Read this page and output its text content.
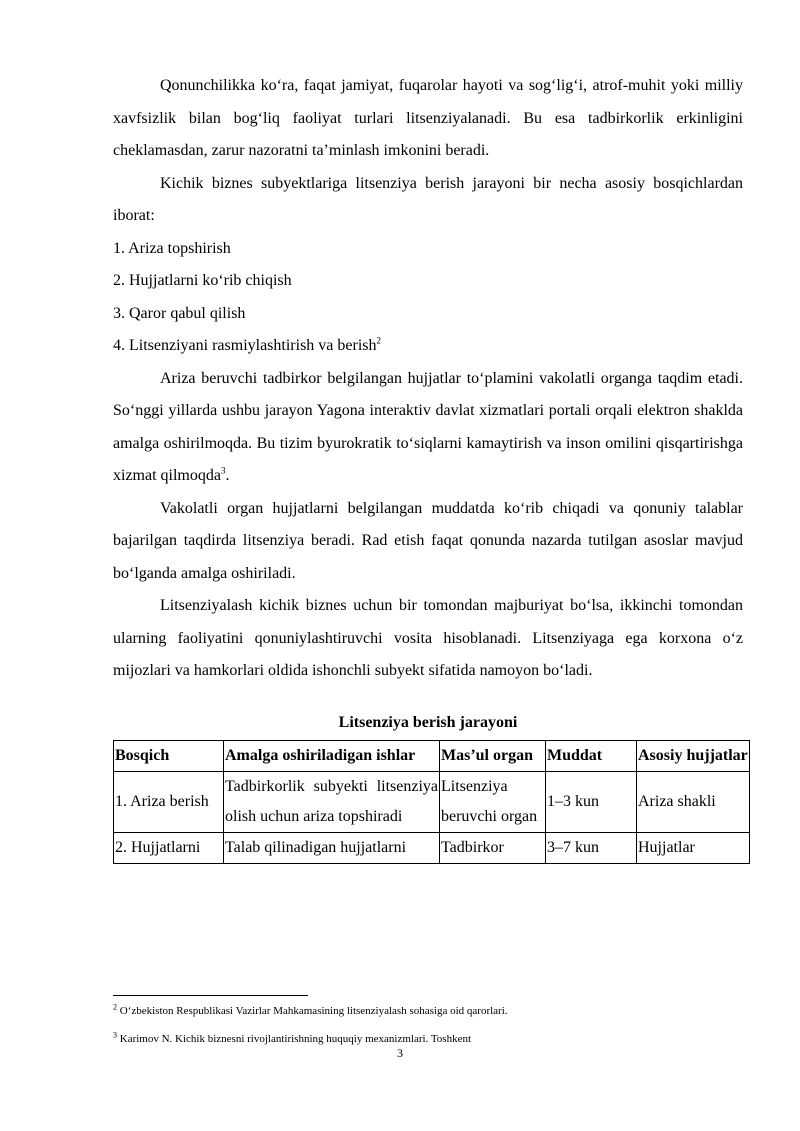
Qonunchilikka ko‘ra, faqat jamiyat, fuqarolar hayoti va sog‘lig‘i, atrof-muhit yoki milliy xavfsizlik bilan bog‘liq faoliyat turlari litsenziyalanadi. Bu esa tadbirkorlik erkinligini cheklamasdan, zarur nazoratni ta’minlash imkonini beradi.

Kichik biznes subyektlariga litsenziya berish jarayoni bir necha asosiy bosqichlardan iborat:

1. Ariza topshirish

2. Hujjatlarni ko‘rib chiqish

3. Qaror qabul qilish

4. Litsenziyani rasmiylashtirish va berish$^2$

Ariza beruvchi tadbirkor belgilangan hujjatlar to‘plamini vakolatli organga taqdim etadi. So‘nggi yillarda ushbu jarayon Yagona interaktiv davlat xizmatlari portali orqali elektron shaklda amalga oshirilmoqda. Bu tizim byurokratik to‘siqlarni kamaytirish va inson omilini qisqartirishga xizmat qilmoqda$^3$.

Vakolatli organ hujjatlarni belgilangan muddatda ko‘rib chiqadi va qonuniy talablar bajarilgan taqdirda litsenziya beradi. Rad etish faqat qonunda nazarda tutilgan asoslar mavjud bo‘lganda amalga oshiriladi.

Litsenziyalash kichik biznes uchun bir tomondan majburiyat bo‘lsa, ikkinchi tomondan ularning faoliyatini qonuniylashtiruvchi vosita hisoblanadi. Litsenziyaga ega korxona o‘z mijozlari va hamkorlari oldida ishonchli subyekt sifatida namoyon bo‘ladi.

Litsenziya berish jarayoni
Bosqich	Amalga oshiriladigan ishlar	Mas’ul organ	Muddat	Asosiy hujjatlar
1. Ariza berish	Tadbirkorlik subyekti litsenziya olish uchun ariza topshiradi	Litsenziya beruvchi organ	1–3 kun	Ariza shakli
2. Hujjatlarni	Talab qilinadigan hujjatlarni	Tadbirkor	3–7 kun	Hujjatlar

$^2$ O‘zbekiston Respublikasi Vazirlar Mahkamasining litsenziyalash sohasiga oid qarorlari.

$^3$ Karimov N. Kichik biznesni rivojlantirishning huquqiy mexanizmlari. Toshkent

3
